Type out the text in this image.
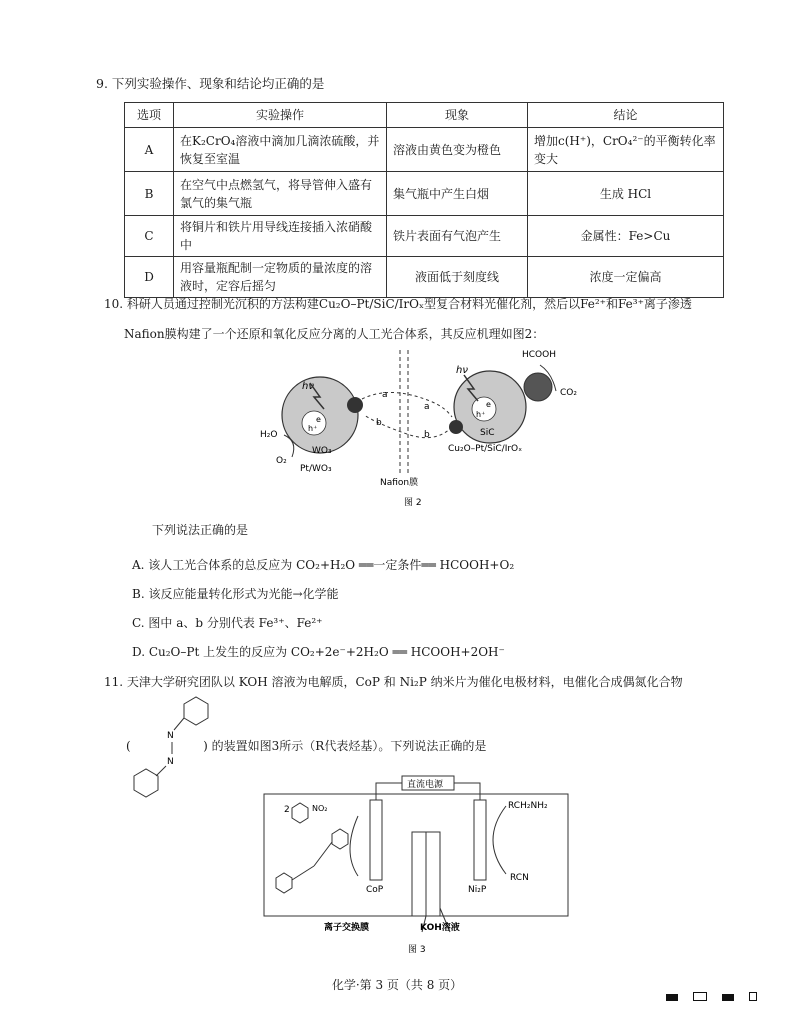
9. 下列实验操作、现象和结论均正确的是
选项	实验操作	现象	结论
A	在K₂CrO₄溶液中滴加几滴浓硫酸，并恢复至室温	溶液由黄色变为橙色	增加c(H⁺)，CrO₄²⁻的平衡转化率变大
B	在空气中点燃氢气，将导管伸入盛有氯气的集气瓶	集气瓶中产生白烟	生成 HCl
C	将铜片和铁片用导线连接插入浓硝酸中	铁片表面有气泡产生	金属性：Fe>Cu
D	用容量瓶配制一定物质的量浓度的溶液时，定容后摇匀	液面低于刻度线	浓度一定偏高
10. 科研人员通过控制光沉积的方法构建Cu₂O–Pt/SiC/IrOₓ型复合材料光催化剂，然后以Fe²⁺和Fe³⁺离子渗透
Nafion膜构建了一个还原和氧化反应分离的人工光合体系，其反应机理如图2：
hν
e
h⁺
H₂O
O₂
WO₃
Pt/WO₃
Nafion膜
a
b
a
b
hν
e
h⁺
SiC
Cu₂O–Pt/SiC/IrOₓ
HCOOH
CO₂
图 2
下列说法正确的是
A. 该人工光合体系的总反应为 CO₂+H₂O ══一定条件══ HCOOH+O₂
B. 该反应能量转化形式为光能→化学能
C. 图中 a、b 分别代表 Fe³⁺、Fe²⁺
D. Cu₂O–Pt 上发生的反应为 CO₂+2e⁻+2H₂O ══ HCOOH+2OH⁻
11. 天津大学研究团队以 KOH 溶液为电解质，CoP 和 Ni₂P 纳米片为催化电极材料，电催化合成偶氮化合物
N
N
(                   ) 的装置如图3所示（R代表烃基）。下列说法正确的是
直流电源
CoP	Ni₂P
离子交换膜	KOH溶液
2	NO₂	RCH₂NH₂
RCN
图 3
化学·第 3 页（共 8 页）
